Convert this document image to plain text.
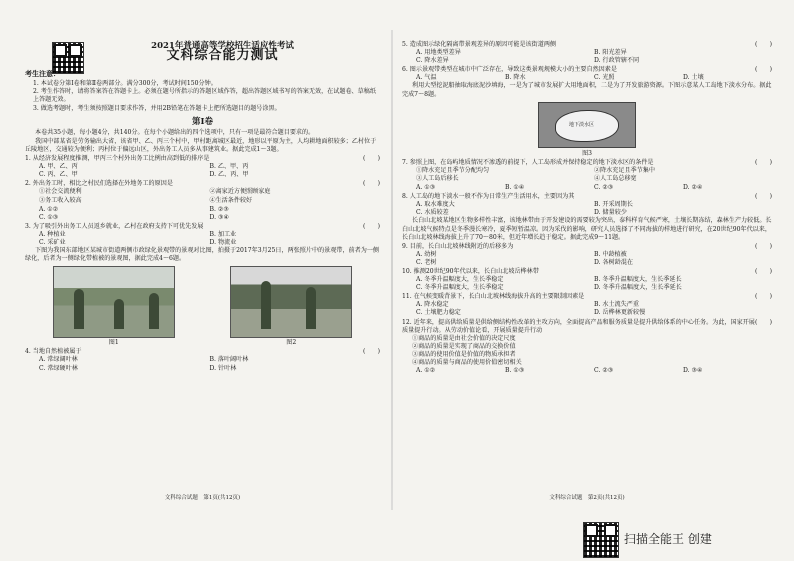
2021年普通高等学校招生适应性考试
文科综合能力测试
考生注意：

1. 本试卷分第Ⅰ卷和第Ⅱ卷两部分。满分300分，考试时间150分钟。

2. 考生作答时，请将答案答在答题卡上。必须在题号所指示的答题区域作答，超出答题区域书写的答案无效，在试题卷、草稿纸上答题无效。

3. 做选考题时，考生须按照题目要求作答，并用2B铅笔在答题卡上把所选题目的题号涂黑。

第Ⅰ卷

本卷共35小题，每小题4分，共140分。在每个小题给出的四个选项中，只有一项是最符合题目要求的。

我国中部某省是劳务输出大省，该省甲、乙、丙三个村中，甲村距离城区最近，地形以平原为主，人均耕地面积较多；乙村位于丘陵地区，交通较为便利；丙村位于偏远山区，外出务工人员多从事建筑业。据此完成1～3题。

1. 从经济发展程度推测，甲丙三个村外出务工比例由高到低的排序是	(　　)
A. 甲、乙、丙	B. 乙、甲、丙
C. 丙、乙、甲	D. 乙、丙、甲
2. 外出务工时，相比之村民们选择在外地务工的原因是	(　　)
①社会交流便利	②离家近方便照顾家庭
③务工收入较高	④生活条件较好
A. ①②	B. ②③
C. ①③	D. ③④
3. 为了吸引外出务工人员返乡就业，乙村在政府支持下可优先发展	(　　)
A. 种植业	B. 加工业
C. 采矿业	D. 物流业

下图为我国东部地区某城市街道两侧市政绿化景观带的景观对比图，拍摄于2017年3月25日，两张照片中的景观带，前者为一侧绿化，后者为一侧绿化带植被的景观图，据此完成4～6题。

图1	图2
4. 当地自然植被属于	(　　)
A. 常绿阔叶林	B. 落叶阔叶林
C. 常绿硬叶林	D. 针叶林
文科综合试题　第1页(共12页)
5. 造成图示绿化隔离带景观差异的原因可能是该街道两侧	(　　)
A. 用地类型差异	B. 阳光差异
C. 降水差异	D. 行政管辖不同
6. 图示景观带类型在城市中广泛存在，导致这类景观规模大小的主要自然因素是	(　　)
A. 气温	B. 降水	C. 光照	D. 土壤

利用大型挖泥船抽取海底泥沙填海，一是为了城市发展扩大用地面积，二是为了开发旅游资源。下图示意某人工岛地下淡水分布。据此完成7～8题。

地下淡水区
图3
7. 参照上图，在岛屿地质情况不渗透的前提下，人工岛形成并保持稳定的地下淡水区的条件是	(　　)
①降水充足且季节分配均匀	②降水充足且季节集中
③人工岛后移长	④人工岛总移宽
A. ①③	B. ①④	C. ②③	D. ②④
8. 人工岛的地下淡水一般不作为日常生产生活用水，主要因为其	(　　)
A. 取水难度大	B. 开采周期长
C. 水质较差	D. 储量较少

长白山北坡某地区生物多样性丰富，该地林带由于开发建设的需要较为突出，泰科样育气候严寒，土壤长期冻结，森林生产力较低。长白山北坡气候特点是冬季漫长寒冷，夏季短暂温凉。因为采伐的影响，研究人员选择了不同海拔的样地进行研究，在20世纪90年代以来，长白山北坡林线海拔上升了70～80米，但近年增长趋于稳定。据此完成9～11题。

9. 目前，长白山北坡林线附近的后移多为	(　　)
A. 幼树	B. 中龄植被
C. 老树	D. 各树龄混在
10. 推测20世纪90年代以来，长白山北坡岳桦林带	(　　)
A. 冬季升温幅度大，生长季稳定	B. 冬季升温幅度大，生长季延长
C. 冬季升温幅度大，生长季稳定	D. 冬季升温幅度大，生长季延长
11. 在气候变暖背景下，长白山北坡林线海拔升高的主要限制因素是	(　　)
A. 降水稳定	B. 水土流失严重
C. 土壤肥力稳定	D. 岳桦林更新较慢
12. 近年来，提高供给质量是供给侧结构性改革的主攻方向，全面提高产品和服务质量是提升供给体系的中心任务。为此，国家开展质量提升行动。从劳动价值论看，开展质量提升行动
(　　)
①商品的质量是由社会价值的决定尺度
②商品的质量是实现了商品的交换价值
③商品的使用价值是价值的物质承担者
④商品的质量与商品的使用价值密切相关
A. ①②	B. ①③	C. ②③	D. ③④
文科综合试题　第2页(共12页)
扫描全能王 创建
